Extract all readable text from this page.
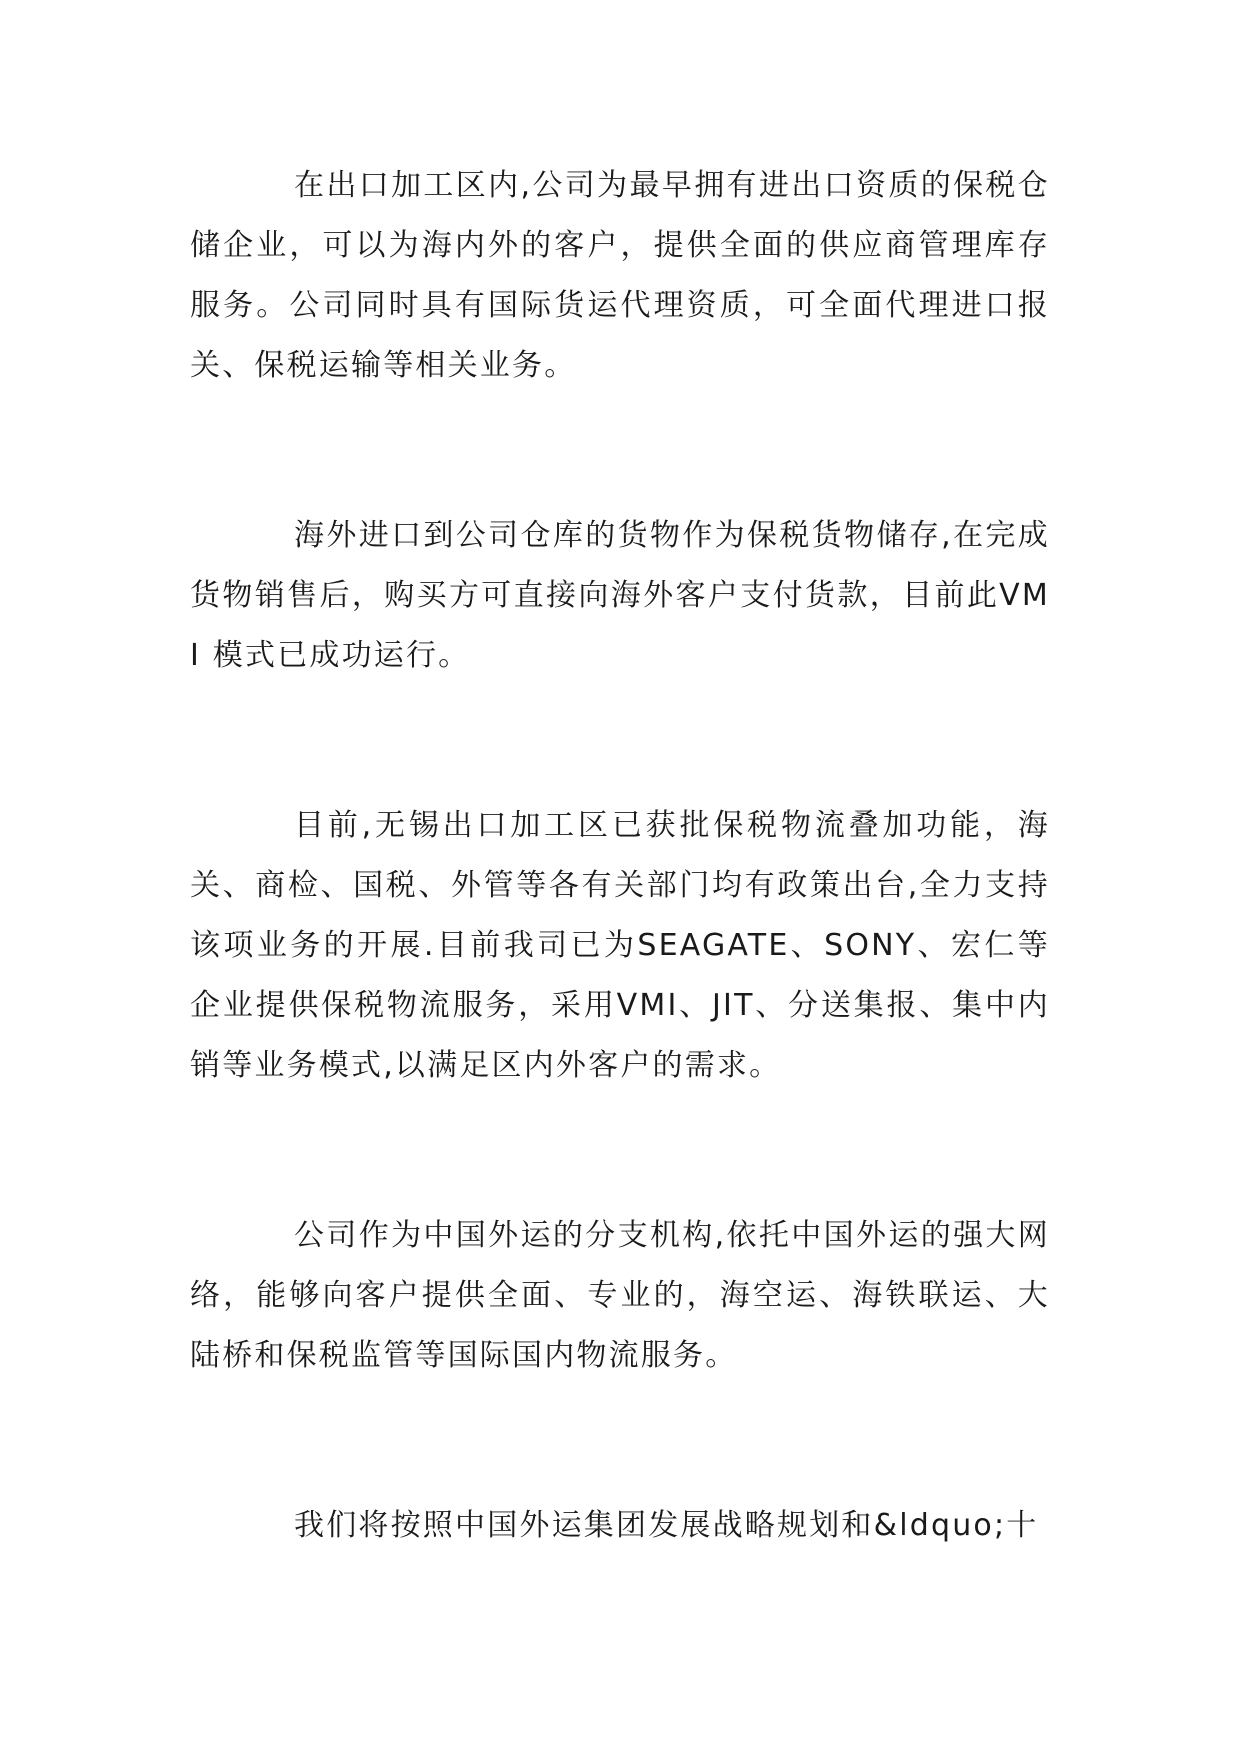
在出口加工区内,公司为最早拥有进出口资质的保税仓储企业，可以为海内外的客户，提供全面的供应商管理库存服务。公司同时具有国际货运代理资质，可全面代理进口报关、保税运输等相关业务。

海外进口到公司仓库的货物作为保税货物储存,在完成货物销售后，购买方可直接向海外客户支付货款，目前此VMI 模式已成功运行。

目前,无锡出口加工区已获批保税物流叠加功能，海关、商检、国税、外管等各有关部门均有政策出台,全力支持该项业务的开展.目前我司已为SEAGATE、SONY、宏仁等企业提供保税物流服务，采用VMI、JIT、分送集报、集中内销等业务模式,以满足区内外客户的需求。

公司作为中国外运的分支机构,依托中国外运的强大网络，能够向客户提供全面、专业的，海空运、海铁联运、大陆桥和保税监管等国际国内物流服务。

我们将按照中国外运集团发展战略规划和&ldquo;十
